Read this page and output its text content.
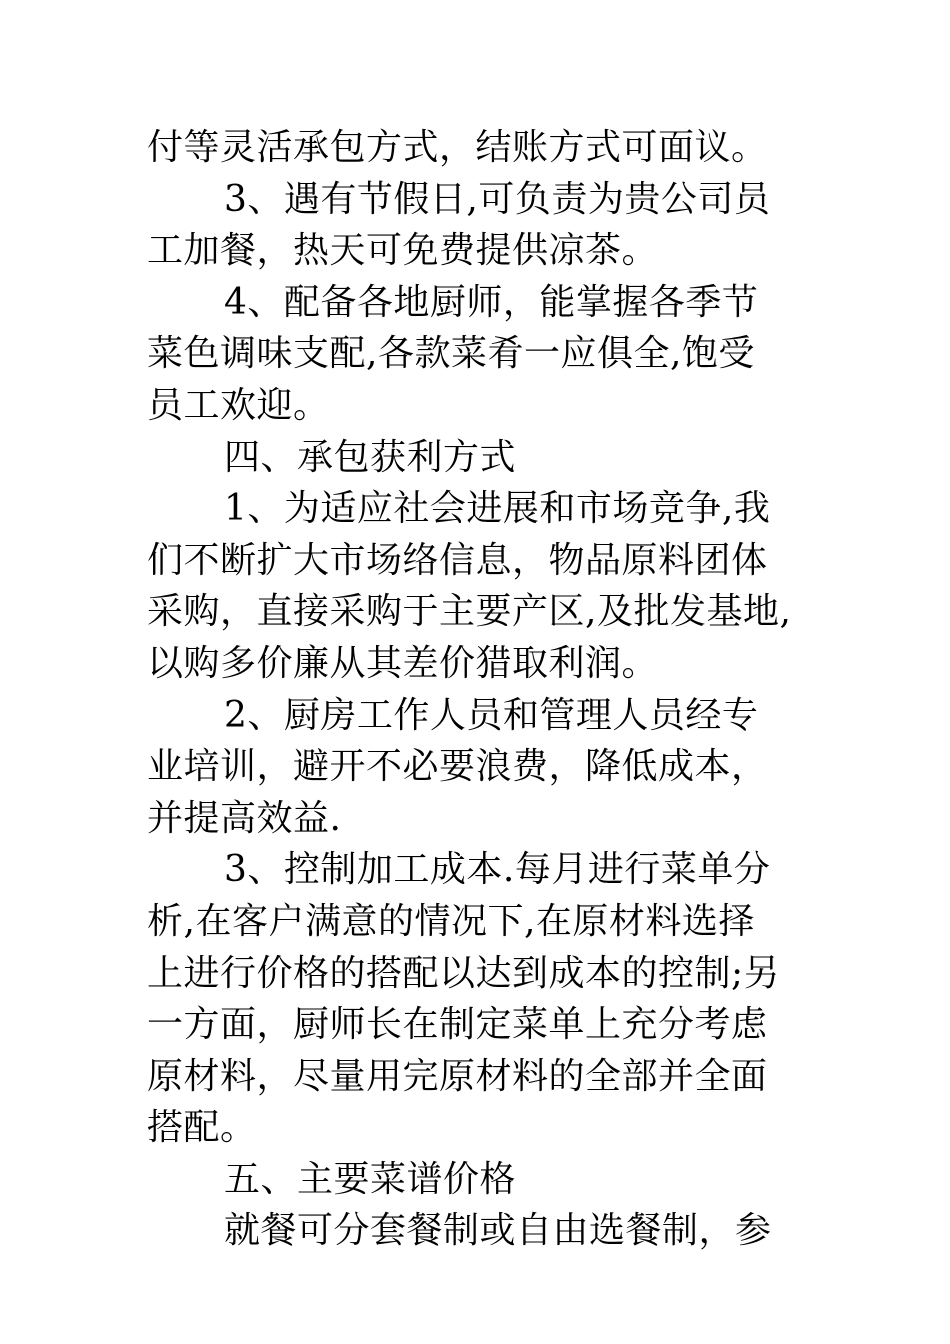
付等灵活承包方式，结账方式可面议。
3、遇有节假日,可负责为贵公司员
工加餐，热天可免费提供凉茶。
4、配备各地厨师，能掌握各季节
菜色调味支配,各款菜肴一应俱全,饱受
员工欢迎。
四、承包获利方式
1、为适应社会进展和市场竞争,我
们不断扩大市场络信息，物品原料团体
采购，直接采购于主要产区,及批发基地,
以购多价廉从其差价猎取利润。
2、厨房工作人员和管理人员经专
业培训，避开不必要浪费，降低成本，
并提高效益.
3、控制加工成本.每月进行菜单分
析,在客户满意的情况下,在原材料选择
上进行价格的搭配以达到成本的控制;另
一方面，厨师长在制定菜单上充分考虑
原材料，尽量用完原材料的全部并全面
搭配。
五、主要菜谱价格
就餐可分套餐制或自由选餐制，参
